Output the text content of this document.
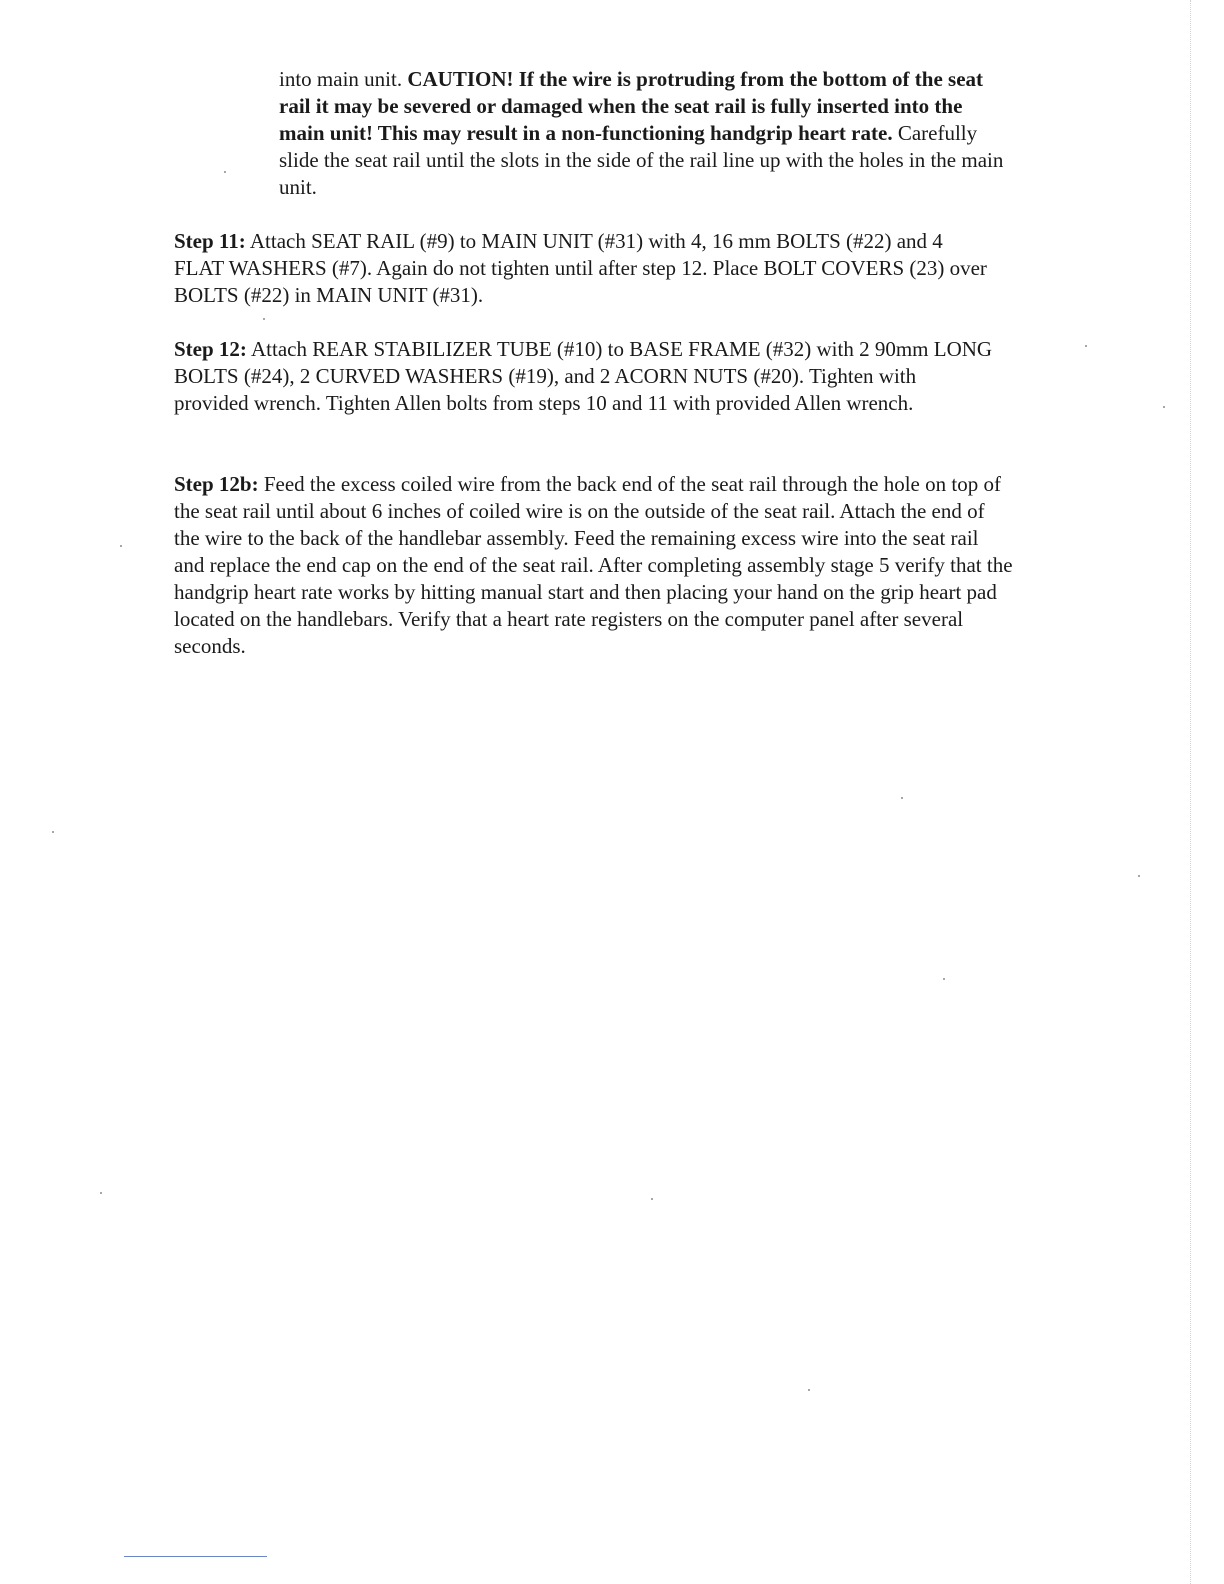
into main unit. CAUTION! If the wire is protruding from the bottom of the seat rail it may be severed or damaged when the seat rail is fully inserted into the main unit! This may result in a non-functioning handgrip heart rate. Carefully slide the seat rail until the slots in the side of the rail line up with the holes in the main unit.

Step 11: Attach SEAT RAIL (#9) to MAIN UNIT (#31) with 4, 16 mm BOLTS (#22) and 4 FLAT WASHERS (#7). Again do not tighten until after step 12. Place BOLT COVERS (23) over BOLTS (#22) in MAIN UNIT (#31).

Step 12: Attach REAR STABILIZER TUBE (#10) to BASE FRAME (#32) with 2 90mm LONG BOLTS (#24), 2 CURVED WASHERS (#19), and 2 ACORN NUTS (#20). Tighten with provided wrench. Tighten Allen bolts from steps 10 and 11 with provided Allen wrench.

Step 12b: Feed the excess coiled wire from the back end of the seat rail through the hole on top of the seat rail until about 6 inches of coiled wire is on the outside of the seat rail. Attach the end of the wire to the back of the handlebar assembly. Feed the remaining excess wire into the seat rail and replace the end cap on the end of the seat rail. After completing assembly stage 5 verify that the handgrip heart rate works by hitting manual start and then placing your hand on the grip heart pad located on the handlebars. Verify that a heart rate registers on the computer panel after several seconds.
